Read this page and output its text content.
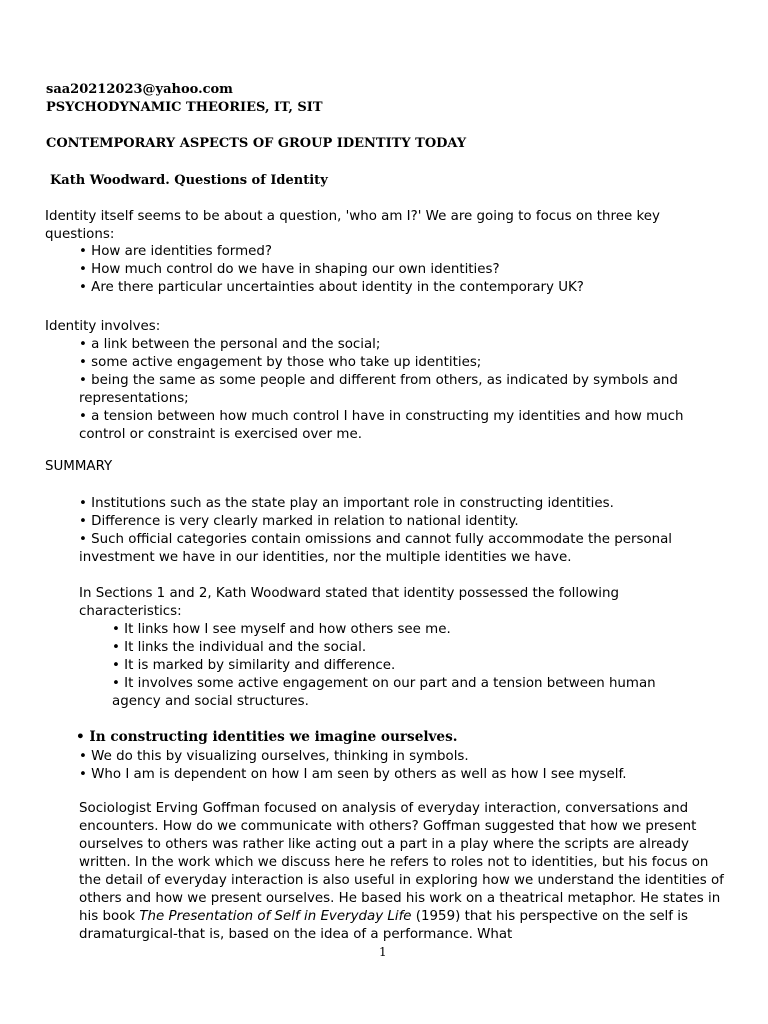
saa20212023@yahoo.com
PSYCHODYNAMIC THEORIES, IT, SIT
CONTEMPORARY ASPECTS OF GROUP IDENTITY TODAY
Kath Woodward. Questions of Identity

Identity itself seems to be about a question, 'who am I?' We are going to focus on three key questions:

• How are identities formed?
• How much control do we have in shaping our own identities?
• Are there particular uncertainties about identity in the contemporary UK?

Identity involves:

• a link between the personal and the social;
• some active engagement by those who take up identities;
• being the same as some people and different from others, as indicated by symbols and representations;
• a tension between how much control I have in constructing my identities and how much control or constraint is exercised over me.

SUMMARY

• Institutions such as the state play an important role in constructing identities.
• Difference is very clearly marked in relation to national identity.
• Such official categories contain omissions and cannot fully accommodate the personal investment we have in our identities, nor the multiple identities we have.

In Sections 1 and 2, Kath Woodward stated that identity possessed the following characteristics:

• It links how I see myself and how others see me.
• It links the individual and the social.
• It is marked by similarity and difference.
• It involves some active engagement on our part and a tension between human agency and social structures.
• In constructing identities we imagine ourselves.
• We do this by visualizing ourselves, thinking in symbols.
• Who I am is dependent on how I am seen by others as well as how I see myself.

Sociologist Erving Goffman focused on analysis of everyday interaction, conversations and encounters. How do we communicate with others? Goffman suggested that how we present ourselves to others was rather like acting out a part in a play where the scripts are already written. In the work which we discuss here he refers to roles not to identities, but his focus on the detail of everyday interaction is also useful in exploring how we understand the identities of others and how we present ourselves. He based his work on a theatrical metaphor. He states in his book The Presentation of Self in Everyday Life (1959) that his perspective on the self is dramaturgical-that is, based on the idea of a performance. What

1
